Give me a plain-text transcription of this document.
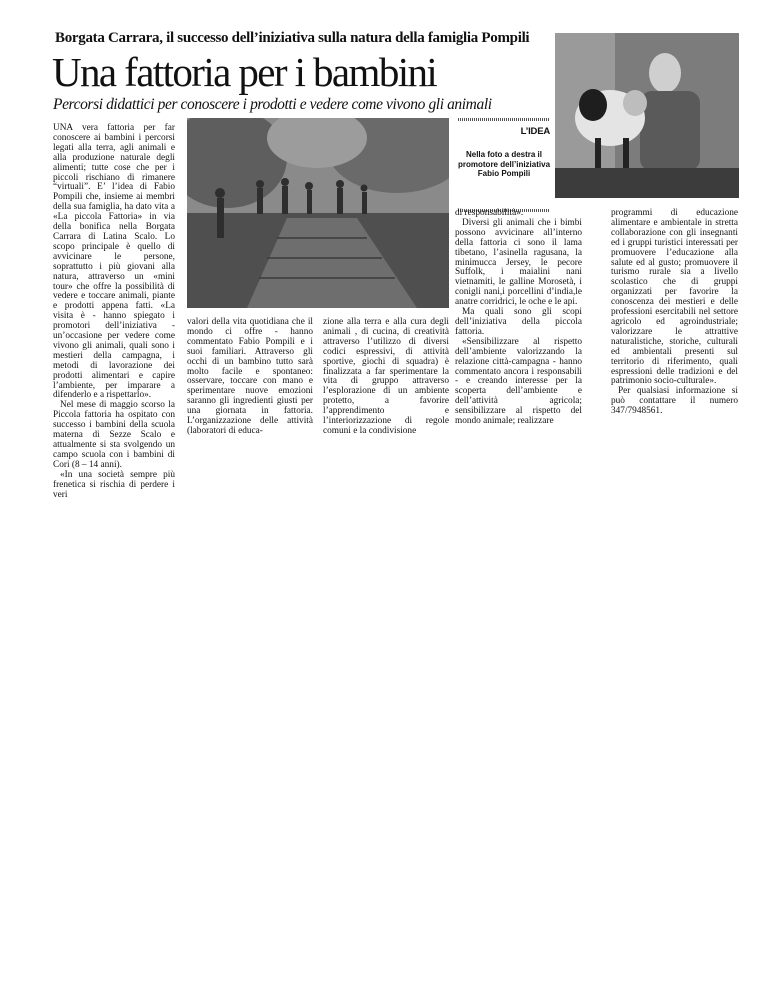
Borgata Carrara, il successo dell’iniziativa sulla natura della famiglia Pompili
Una fattoria per i bambini
Percorsi didattici per conoscere i prodotti e vedere come vivono gli animali

UNA vera fattoria per far conoscere ai bambini i percorsi legati alla terra, agli animali e alla produzione naturale degli alimenti; tutte cose che per i piccoli rischiano di rimanere “virtuali”. E’ l’idea di Fabio Pompili che, insieme ai membri della sua famiglia, ha dato vita a «La piccola Fattoria» in via della bonifica nella Borgata Carrara di Latina Scalo. Lo scopo principale è quello di avvicinare le persone, soprattutto i più giovani alla natura, attraverso un «mini tour» che offre la possibilità di vedere e toccare animali, piante e prodotti appena fatti. «La visita è - hanno spiegato i promotori dell’iniziativa - un’occasione per vedere come vivono gli animali, quali sono i mestieri della campagna, i metodi di lavorazione dei prodotti alimentari e capire l’ambiente, per imparare a difenderlo e a rispettarlo».

Nel mese di maggio scorso la Piccola fattoria ha ospitato con successo i bambini della scuola materna di Sezze Scalo e attualmente si sta svolgendo un campo scuola con i bambini di Cori (8 – 14 anni).

«In una società sempre più frenetica si rischia di perdere i veri

L’IDEA
Nella foto a destra il promotore dell’iniziativa Fabio Pompili

valori della vita quotidiana che il mondo ci offre - hanno commentato Fabio Pompili e i suoi familiari. Attraverso gli occhi di un bambino tutto sarà molto facile e spontaneo: osservare, toccare con mano e sperimentare nuove emozioni saranno gli ingredienti giusti per una giornata in fattoria. L’organizzazione delle attività (laboratori di educa-

zione alla terra e alla cura degli animali , di cucina, di creatività attraverso l’utilizzo di diversi codici espressivi, di attività sportive, giochi di squadra) è finalizzata a far sperimentare la vita di gruppo attraverso l’esplorazione di un ambiente protetto, a favorire l’apprendimento e l’interiorizzazione di regole comuni e la condivisione

di responsabilità».

Diversi gli animali che i bimbi possono avvicinare all’interno della fattoria ci sono il lama tibetano, l’asinella ragusana, la minimucca Jersey, le pecore Suffolk, i maialini nani vietnamiti, le galline Morosetà, i conigli nani,i porcellini d’india,le anatre corridrici, le oche e le api.

Ma quali sono gli scopi dell’iniziativa della piccola fattoria.

«Sensibilizzare al rispetto dell’ambiente valorizzando la relazione città-campagna - hanno commentato ancora i responsabili - e creando interesse per la scoperta dell’ambiente e dell’attività agricola; sensibilizzare al rispetto del mondo animale; realizzare

programmi di educazione alimentare e ambientale in stretta collaborazione con gli insegnanti ed i gruppi turistici interessati per promuovere l’educazione alla salute ed al gusto; promuovere il turismo rurale sia a livello scolastico che di gruppi organizzati per favorire la conoscenza dei mestieri e delle professioni esercitabili nel settore agricolo ed agroindustriale; valorizzare le attrattive naturalistiche, storiche, culturali ed ambientali presenti sul territorio di riferimento, quali espressioni delle tradizioni e del patrimonio socio-culturale».

Per qualsiasi informazione si può contattare il numero 347/7948561.
